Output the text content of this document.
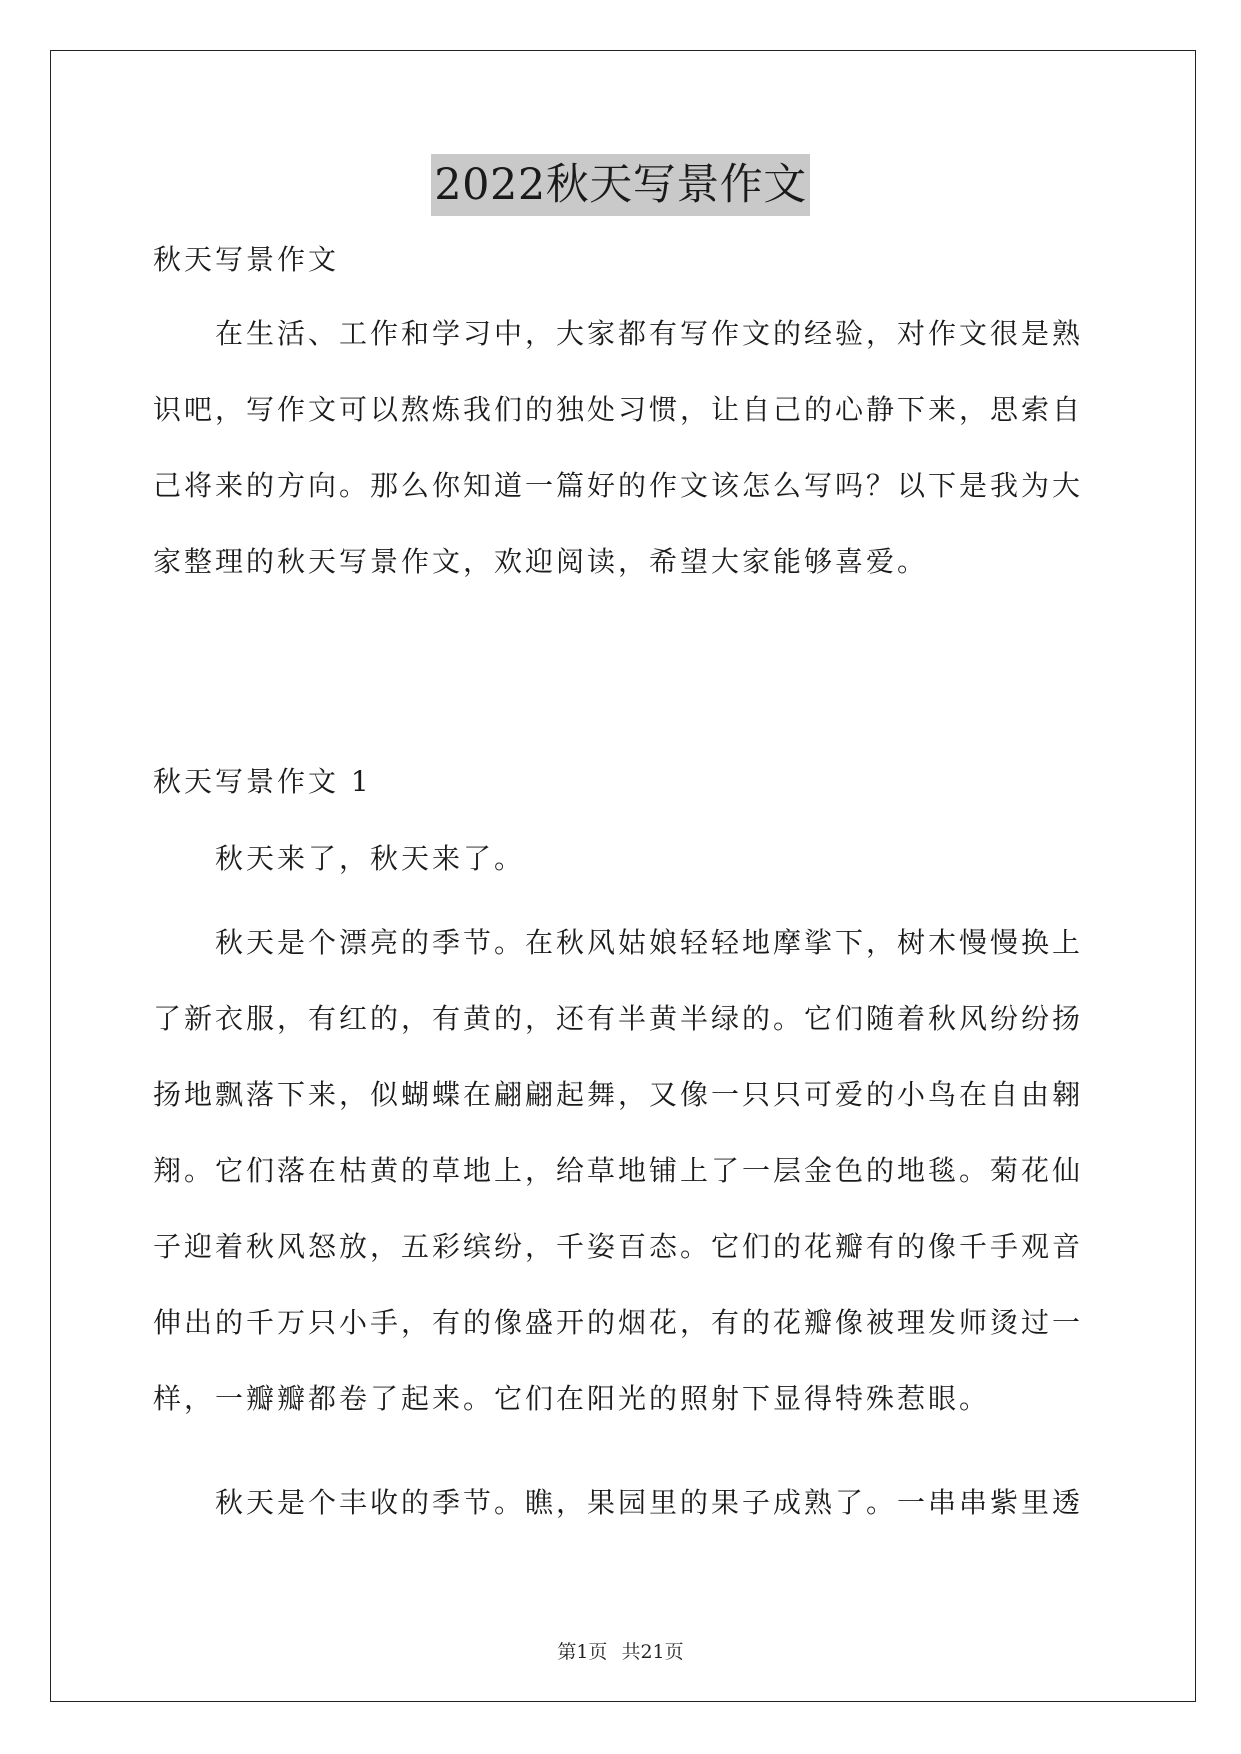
2022秋天写景作文

秋天写景作文

在生活、工作和学习中，大家都有写作文的经验，对作文很是熟
识吧，写作文可以熬炼我们的独处习惯，让自己的心静下来，思索自
己将来的方向。那么你知道一篇好的作文该怎么写吗？以下是我为大
家整理的秋天写景作文，欢迎阅读，希望大家能够喜爱。

秋天写景作文 1

秋天来了，秋天来了。
秋天是个漂亮的季节。在秋风姑娘轻轻地摩挲下，树木慢慢换上
了新衣服，有红的，有黄的，还有半黄半绿的。它们随着秋风纷纷扬
扬地飘落下来，似蝴蝶在翩翩起舞，又像一只只可爱的小鸟在自由翱
翔。它们落在枯黄的草地上，给草地铺上了一层金色的地毯。菊花仙
子迎着秋风怒放，五彩缤纷，千姿百态。它们的花瓣有的像千手观音
伸出的千万只小手，有的像盛开的烟花，有的花瓣像被理发师烫过一
样，一瓣瓣都卷了起来。它们在阳光的照射下显得特殊惹眼。
秋天是个丰收的季节。瞧，果园里的果子成熟了。一串串紫里透
第1页 共21页
